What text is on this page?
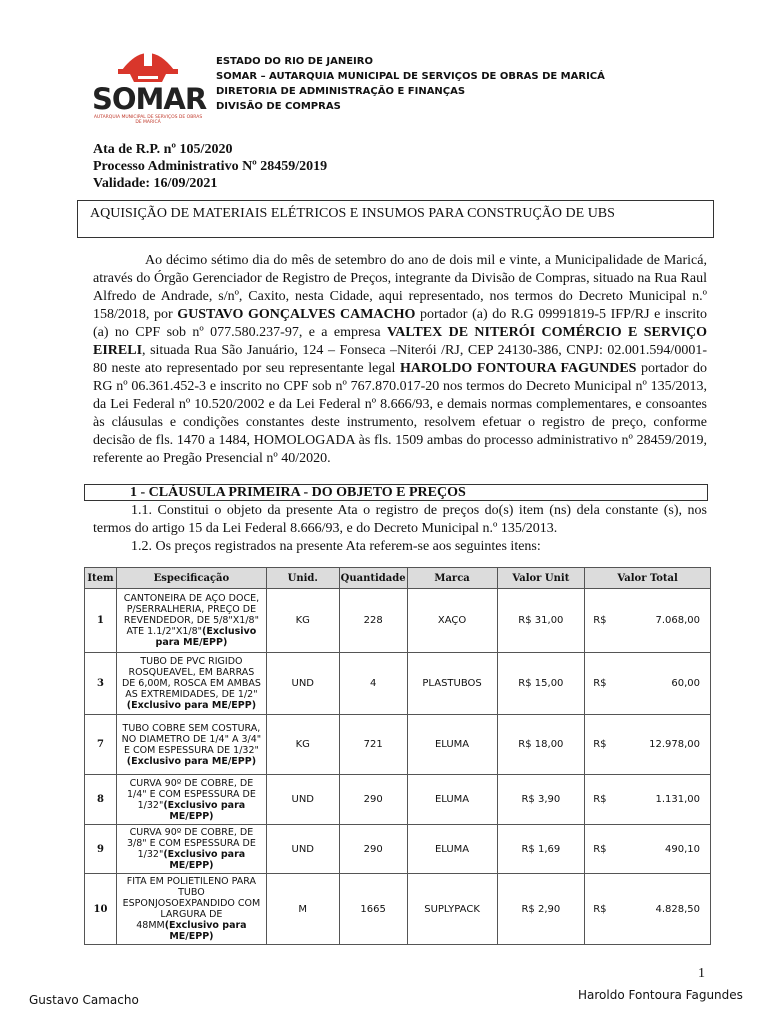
SOMAR
AUTARQUIA MUNICIPAL DE SERVIÇOS DE OBRAS DE MARICÁ
ESTADO DO RIO DE JANEIRO
SOMAR – AUTARQUIA MUNICIPAL DE SERVIÇOS DE OBRAS DE MARICÁ
DIRETORIA DE ADMINISTRAÇÃO E FINANÇAS
DIVISÃO DE COMPRAS
Ata de R.P. nº 105/2020
Processo Administrativo Nº 28459/2019
Validade: 16/09/2021
AQUISIÇÃO DE MATERIAIS ELÉTRICOS E INSUMOS PARA CONSTRUÇÃO DE UBS

Ao décimo sétimo dia do mês de setembro do ano de dois mil e vinte, a Municipalidade de Maricá, através do Órgão Gerenciador de Registro de Preços, integrante da Divisão de Compras, situado na Rua Raul Alfredo de Andrade, s/nº, Caxito, nesta Cidade, aqui representado, nos termos do Decreto Municipal n.º 158/2018, por GUSTAVO GONÇALVES CAMACHO portador (a) do R.G 09991819-5 IFP/RJ e inscrito (a) no CPF sob nº 077.580.237-97, e a empresa VALTEX DE NITERÓI COMÉRCIO E SERVIÇO EIRELI, situada Rua São Januário, 124 – Fonseca –Niterói /RJ, CEP 24130-386, CNPJ: 02.001.594/0001-80 neste ato representado por seu representante legal HAROLDO FONTOURA FAGUNDES portador do RG nº 06.361.452-3 e inscrito no CPF sob nº 767.870.017-20 nos termos do Decreto Municipal nº 135/2013, da Lei Federal nº 10.520/2002 e da Lei Federal nº 8.666/93, e demais normas complementares, e consoantes às cláusulas e condições constantes deste instrumento, resolvem efetuar o registro de preço, conforme decisão de fls. 1470 a 1484, HOMOLOGADA às fls. 1509 ambas do processo administrativo nº 28459/2019, referente ao Pregão Presencial nº 40/2020.

1 - CLÁUSULA PRIMEIRA - DO OBJETO E PREÇOS

1.1. Constitui o objeto da presente Ata o registro de preços do(s) item (ns) dela constante (s), nos termos do artigo 15 da Lei Federal 8.666/93, e do Decreto Municipal n.º 135/2013.

1.2. Os preços registrados na presente Ata referem-se aos seguintes itens:

Item	Especificação	Unid.	Quantidade	Marca	Valor Unit	Valor Total
1	CANTONEIRA DE AÇO DOCE, P/SERRALHERIA, PREÇO DE REVENDEDOR, DE 5/8"X1/8" ATE 1.1/2"X1/8"(Exclusivo para ME/EPP)	KG	228	XAÇO	R$ 31,00	R$ 7.068,00

3	TUBO DE PVC RIGIDO ROSQUEAVEL, EM BARRAS DE 6,00M, ROSCA EM AMBAS AS EXTREMIDADES, DE 1/2"(Exclusivo para ME/EPP)	UND	4	PLASTUBOS	R$ 15,00	R$ 60,00

7	TUBO COBRE SEM COSTURA, NO DIAMETRO DE 1/4" A 3/4" E COM ESPESSURA DE 1/32"(Exclusivo para ME/EPP)	KG	721	ELUMA	R$ 18,00	R$ 12.978,00

8	CURVA 90º DE COBRE, DE 1/4" E COM ESPESSURA DE 1/32"(Exclusivo para ME/EPP)	UND	290	ELUMA	R$ 3,90	R$ 1.131,00

9	CURVA 90º DE COBRE, DE 3/8" E COM ESPESSURA DE 1/32"(Exclusivo para ME/EPP)	UND	290	ELUMA	R$ 1,69	R$ 490,10

10	FITA EM POLIETILENO PARA TUBO ESPONJOSOEXPANDIDO COM LARGURA DE 48MM(Exclusivo para ME/EPP)	M	1665	SUPLYPACK	R$ 2,90	R$ 4.828,50
1
Gustavo Camacho	Haroldo Fontoura Fagundes
